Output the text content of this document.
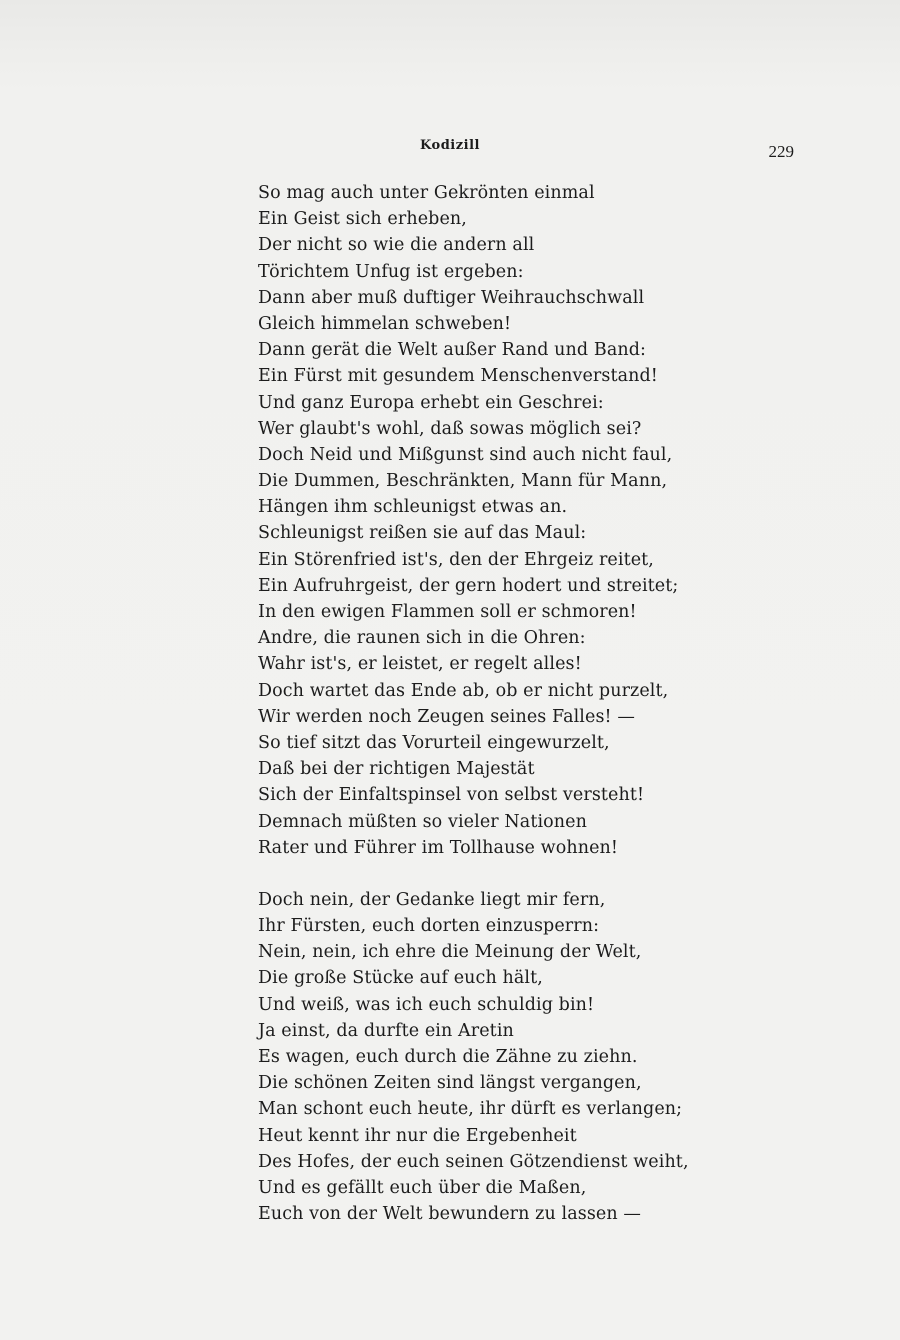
Kodizill	229
So mag auch unter Gekrönten einmal
Ein Geist sich erheben,
Der nicht so wie die andern all
Törichtem Unfug ist ergeben:
Dann aber muß duftiger Weihrauchschwall
Gleich himmelan schweben!
Dann gerät die Welt außer Rand und Band:
Ein Fürst mit gesundem Menschenverstand!
Und ganz Europa erhebt ein Geschrei:
Wer glaubt's wohl, daß sowas möglich sei?
Doch Neid und Mißgunst sind auch nicht faul,
Die Dummen, Beschränkten, Mann für Mann,
Hängen ihm schleunigst etwas an.
Schleunigst reißen sie auf das Maul:
Ein Störenfried ist's, den der Ehrgeiz reitet,
Ein Aufruhrgeist, der gern hodert und streitet;
In den ewigen Flammen soll er schmoren!
Andre, die raunen sich in die Ohren:
Wahr ist's, er leistet, er regelt alles!
Doch wartet das Ende ab, ob er nicht purzelt,
Wir werden noch Zeugen seines Falles! —
So tief sitzt das Vorurteil eingewurzelt,
Daß bei der richtigen Majestät
Sich der Einfaltspinsel von selbst versteht!
Demnach müßten so vieler Nationen
Rater und Führer im Tollhause wohnen!
Doch nein, der Gedanke liegt mir fern,
Ihr Fürsten, euch dorten einzusperrn:
Nein, nein, ich ehre die Meinung der Welt,
Die große Stücke auf euch hält,
Und weiß, was ich euch schuldig bin!
Ja einst, da durfte ein Aretin
Es wagen, euch durch die Zähne zu ziehn.
Die schönen Zeiten sind längst vergangen,
Man schont euch heute, ihr dürft es verlangen;
Heut kennt ihr nur die Ergebenheit
Des Hofes, der euch seinen Götzendienst weiht,
Und es gefällt euch über die Maßen,
Euch von der Welt bewundern zu lassen —
